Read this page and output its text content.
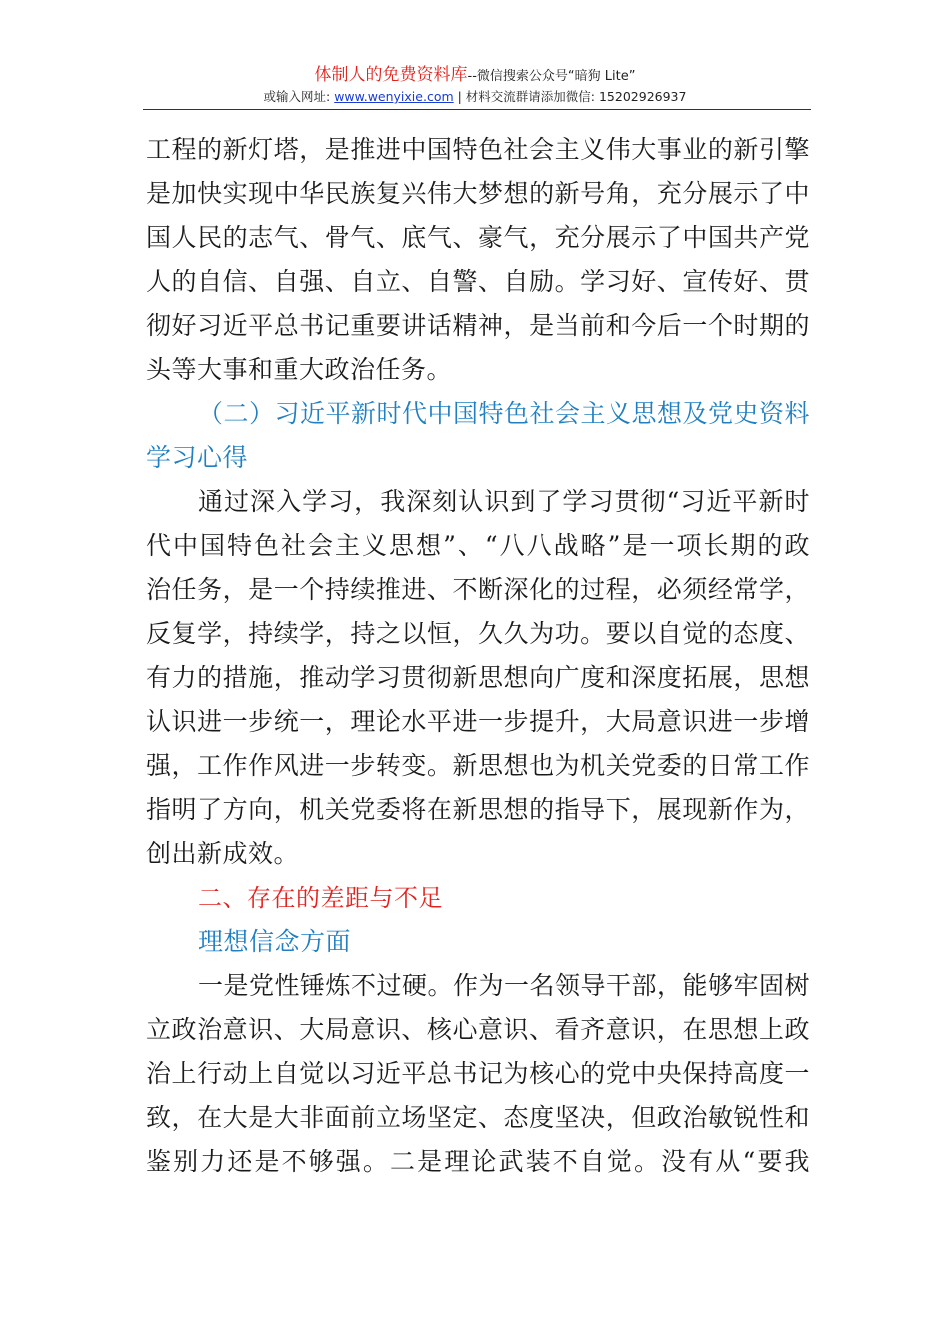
体制人的免费资料库--微信搜索公众号“暗狗 Lite”
或输入网址: www.wenyixie.com | 材料交流群请添加微信: 15202926937
工程的新灯塔，是推进中国特色社会主义伟大事业的新引擎
是加快实现中华民族复兴伟大梦想的新号角，充分展示了中
国人民的志气、骨气、底气、豪气，充分展示了中国共产党
人的自信、自强、自立、自警、自励。学习好、宣传好、贯
彻好习近平总书记重要讲话精神，是当前和今后一个时期的
头等大事和重大政治任务。
（二）习近平新时代中国特色社会主义思想及党史资料
学习心得
通过深入学习，我深刻认识到了学习贯彻“习近平新时
代中国特色社会主义思想”、“八八战略”是一项长期的政
治任务，是一个持续推进、不断深化的过程，必须经常学，
反复学，持续学，持之以恒，久久为功。要以自觉的态度、
有力的措施，推动学习贯彻新思想向广度和深度拓展，思想
认识进一步统一，理论水平进一步提升，大局意识进一步增
强，工作作风进一步转变。新思想也为机关党委的日常工作
指明了方向，机关党委将在新思想的指导下，展现新作为，
创出新成效。
二、存在的差距与不足
理想信念方面
一是党性锤炼不过硬。作为一名领导干部，能够牢固树
立政治意识、大局意识、核心意识、看齐意识，在思想上政
治上行动上自觉以习近平总书记为核心的党中央保持高度一
致，在大是大非面前立场坚定、态度坚决，但政治敏锐性和
鉴别力还是不够强。二是理论武装不自觉。没有从“要我
